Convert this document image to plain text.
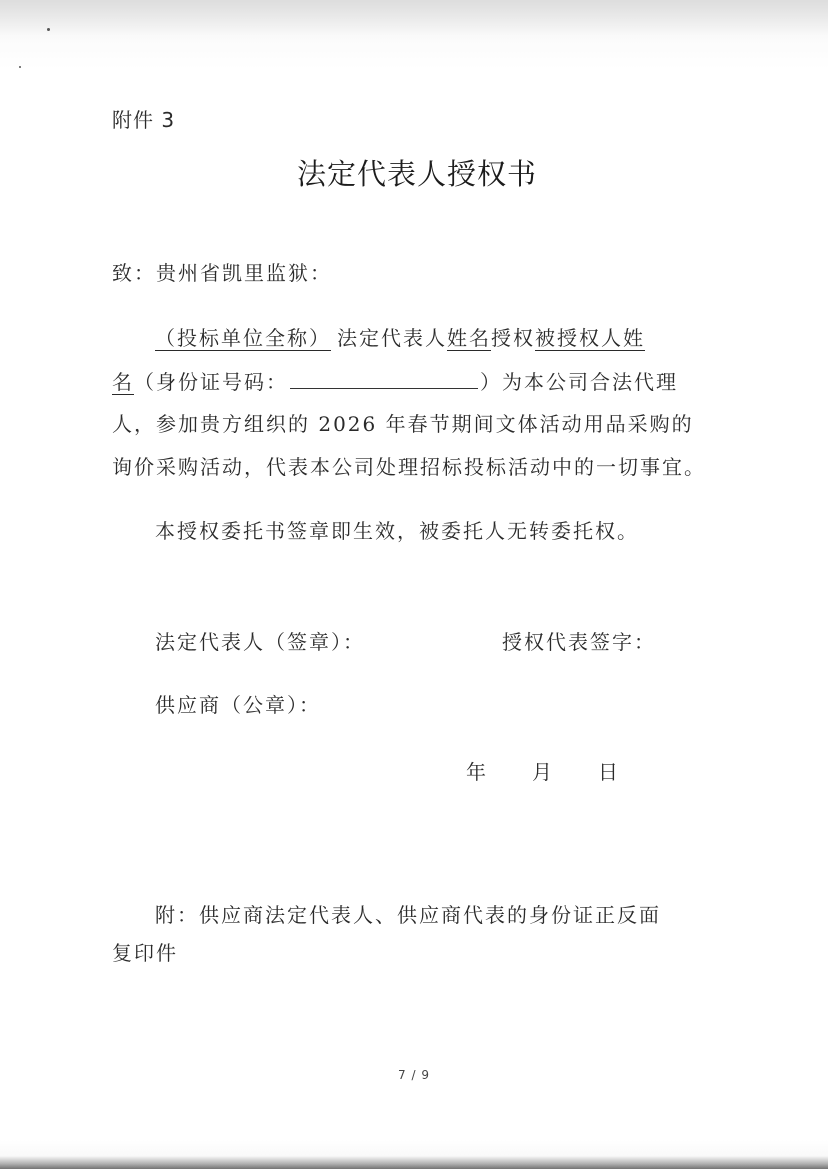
附件 3
法定代表人授权书
致：贵州省凯里监狱：
（投标单位全称） 法定代表人姓名授权被授权人姓
名（身份证号码：	）为本公司合法代理
人，参加贵方组织的 2026 年春节期间文体活动用品采购的
询价采购活动，代表本公司处理招标投标活动中的一切事宜。
本授权委托书签章即生效，被委托人无转委托权。
法定代表人（签章）：	授权代表签字：
供应商（公章）：
年　　月　　日
附：供应商法定代表人、供应商代表的身份证正反面
复印件
7 / 9
